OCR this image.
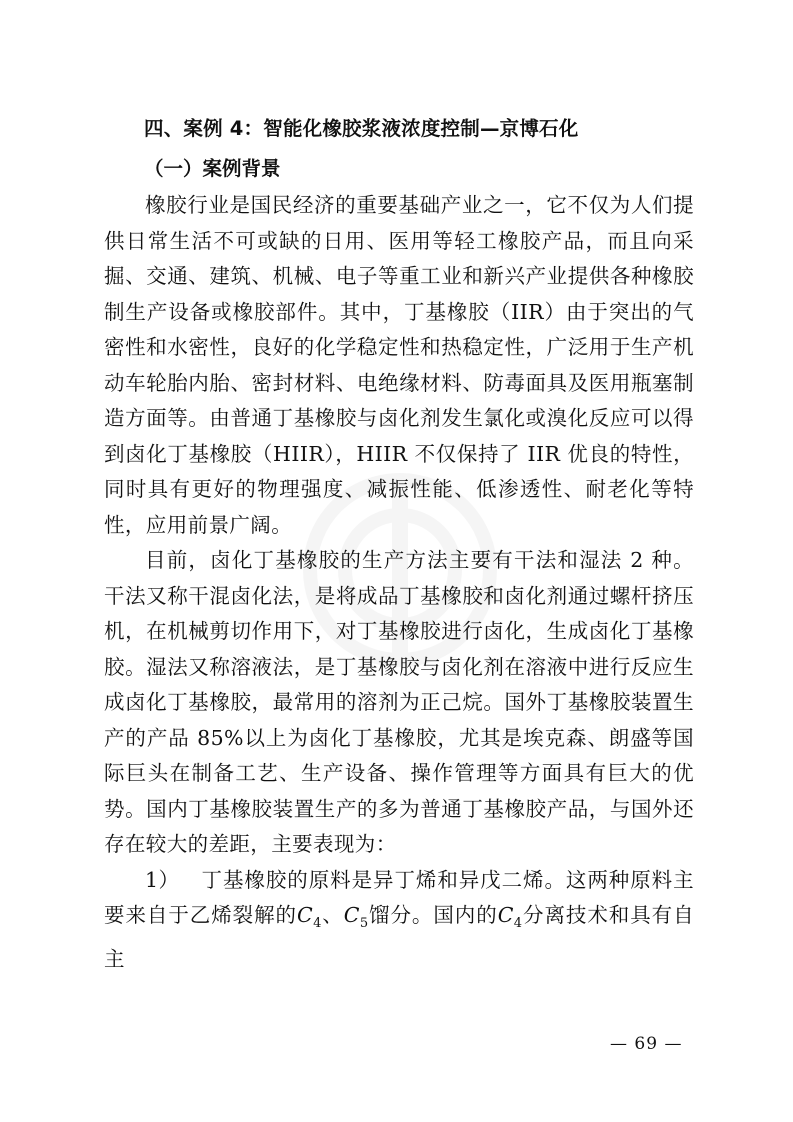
四、案例 4：智能化橡胶浆液浓度控制—京博石化
（一）案例背景

橡胶行业是国民经济的重要基础产业之一，它不仅为人们提供日常生活不可或缺的日用、医用等轻工橡胶产品，而且向采掘、交通、建筑、机械、电子等重工业和新兴产业提供各种橡胶制生产设备或橡胶部件。其中，丁基橡胶（IIR）由于突出的气密性和水密性，良好的化学稳定性和热稳定性，广泛用于生产机动车轮胎内胎、密封材料、电绝缘材料、防毒面具及医用瓶塞制造方面等。由普通丁基橡胶与卤化剂发生氯化或溴化反应可以得到卤化丁基橡胶（HIIR），HIIR 不仅保持了 IIR 优良的特性，同时具有更好的物理强度、减振性能、低渗透性、耐老化等特性，应用前景广阔。

目前，卤化丁基橡胶的生产方法主要有干法和湿法 2 种。干法又称干混卤化法，是将成品丁基橡胶和卤化剂通过螺杆挤压机，在机械剪切作用下，对丁基橡胶进行卤化，生成卤化丁基橡胶。湿法又称溶液法，是丁基橡胶与卤化剂在溶液中进行反应生成卤化丁基橡胶，最常用的溶剂为正己烷。国外丁基橡胶装置生产的产品 85%以上为卤化丁基橡胶，尤其是埃克森、朗盛等国际巨头在制备工艺、生产设备、操作管理等方面具有巨大的优势。国内丁基橡胶装置生产的多为普通丁基橡胶产品，与国外还存在较大的差距，主要表现为：

1） 丁基橡胶的原料是异丁烯和异戊二烯。这两种原料主要来自于乙烯裂解的$C_4$、$C_5$馏分。国内的$C_4$分离技术和具有自主

— 69 —
